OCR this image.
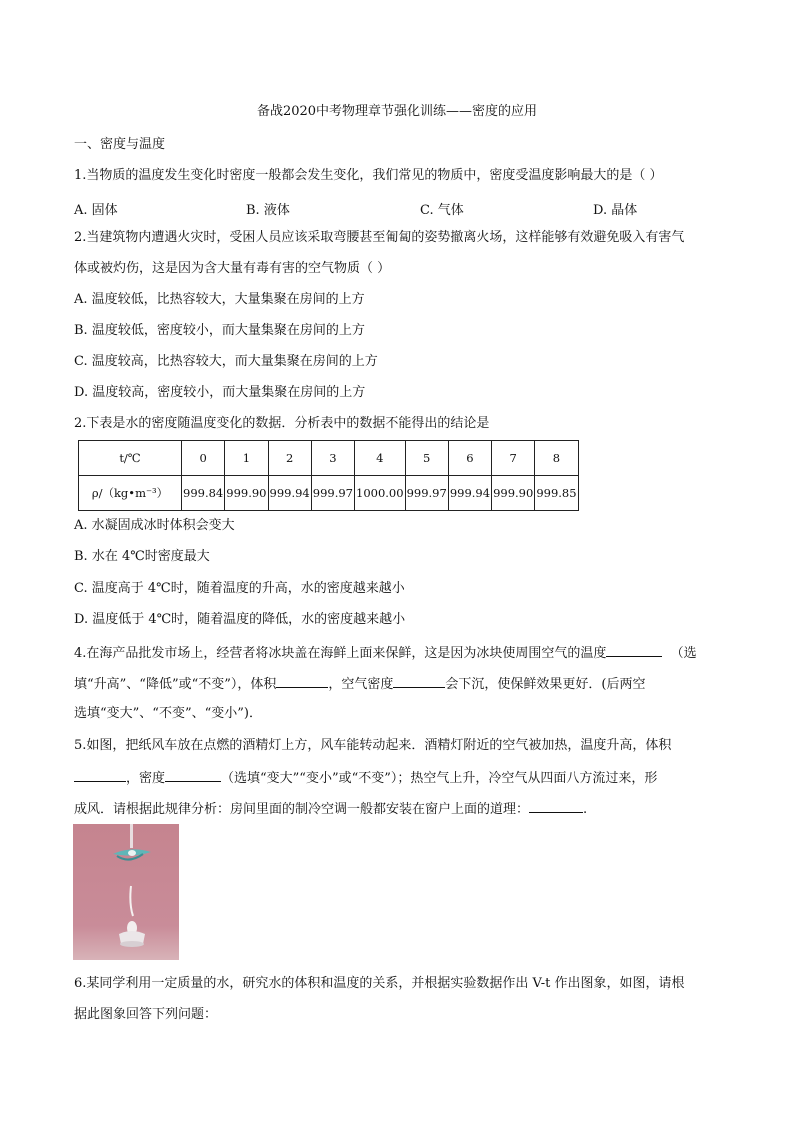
备战2020中考物理章节强化训练——密度的应用
一、密度与温度
1.当物质的温度发生变化时密度一般都会发生变化，我们常见的物质中，密度受温度影响最大的是（ ）
A. 固体	B. 液体	C. 气体	D. 晶体
2.当建筑物内遭遇火灾时，受困人员应该采取弯腰甚至匍匐的姿势撤离火场，这样能够有效避免吸入有害气
体或被灼伤，这是因为含大量有毒有害的空气物质（ ）
A. 温度较低，比热容较大，大量集聚在房间的上方
B. 温度较低，密度较小，而大量集聚在房间的上方
C. 温度较高，比热容较大，而大量集聚在房间的上方
D. 温度较高，密度较小，而大量集聚在房间的上方
2.下表是水的密度随温度变化的数据．分析表中的数据不能得出的结论是
t/℃	0	1	2	3	4	5	6	7	8
ρ/（kg•m⁻³）	999.84	999.90	999.94	999.97	1000.00	999.97	999.94	999.90	999.85
A. 水凝固成冰时体积会变大
B. 水在 4℃时密度最大
C. 温度高于 4℃时，随着温度的升高，水的密度越来越小
D. 温度低于 4℃时，随着温度的降低，水的密度越来越小
4.在海产品批发市场上，经营者将冰块盖在海鲜上面来保鲜，这是因为冰块使周围空气的温度	（选
填“升高”、“降低”或“不变”），体积	，空气密度	会下沉，使保鲜效果更好．(后两空
选填“变大”、“不变”、“变小”)．
5.如图，把纸风车放在点燃的酒精灯上方，风车能转动起来．酒精灯附近的空气被加热，温度升高，体积
，密度	（选填“变大”“变小”或“不变”）；热空气上升，冷空气从四面八方流过来，形
成风．请根据此规律分析：房间里面的制冷空调一般都安装在窗户上面的道理：	.
6.某同学利用一定质量的水，研究水的体积和温度的关系，并根据实验数据作出 V-t 作出图象，如图，请根
据此图象回答下列问题：
